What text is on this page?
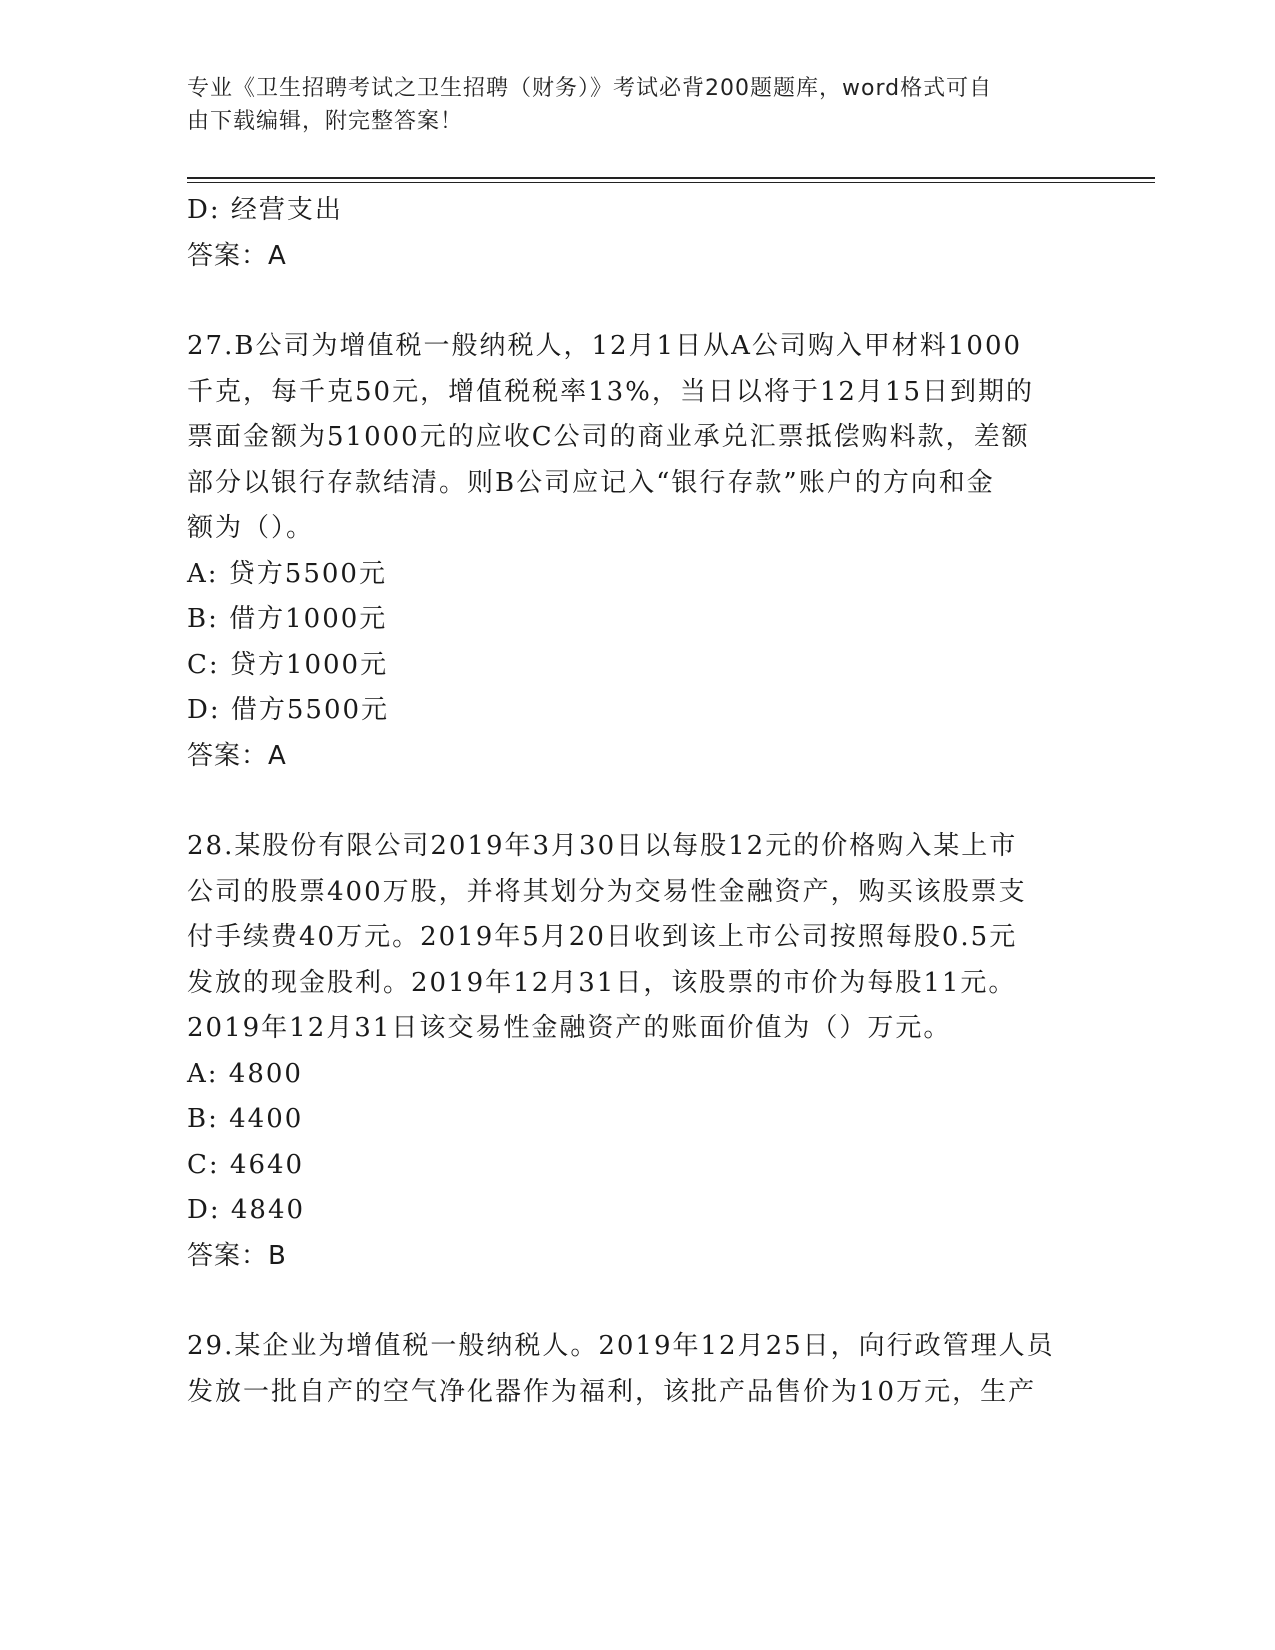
专业《卫生招聘考试之卫生招聘（财务）》考试必背200题题库，word格式可自
由下载编辑，附完整答案！
D: 经营支出
答案：A
27.B公司为增值税一般纳税人，12月1日从A公司购入甲材料1000
千克，每千克50元，增值税税率13%，当日以将于12月15日到期的
票面金额为51000元的应收C公司的商业承兑汇票抵偿购料款，差额
部分以银行存款结清。则B公司应记入“银行存款”账户的方向和金
额为（）。
A: 贷方5500元
B: 借方1000元
C: 贷方1000元
D: 借方5500元
答案：A
28.某股份有限公司2019年3月30日以每股12元的价格购入某上市
公司的股票400万股，并将其划分为交易性金融资产，购买该股票支
付手续费40万元。2019年5月20日收到该上市公司按照每股0.5元
发放的现金股利。2019年12月31日，该股票的市价为每股11元。
2019年12月31日该交易性金融资产的账面价值为（）万元。
A: 4800
B: 4400
C: 4640
D: 4840
答案：B
29.某企业为增值税一般纳税人。2019年12月25日，向行政管理人员
发放一批自产的空气净化器作为福利，该批产品售价为10万元，生产
